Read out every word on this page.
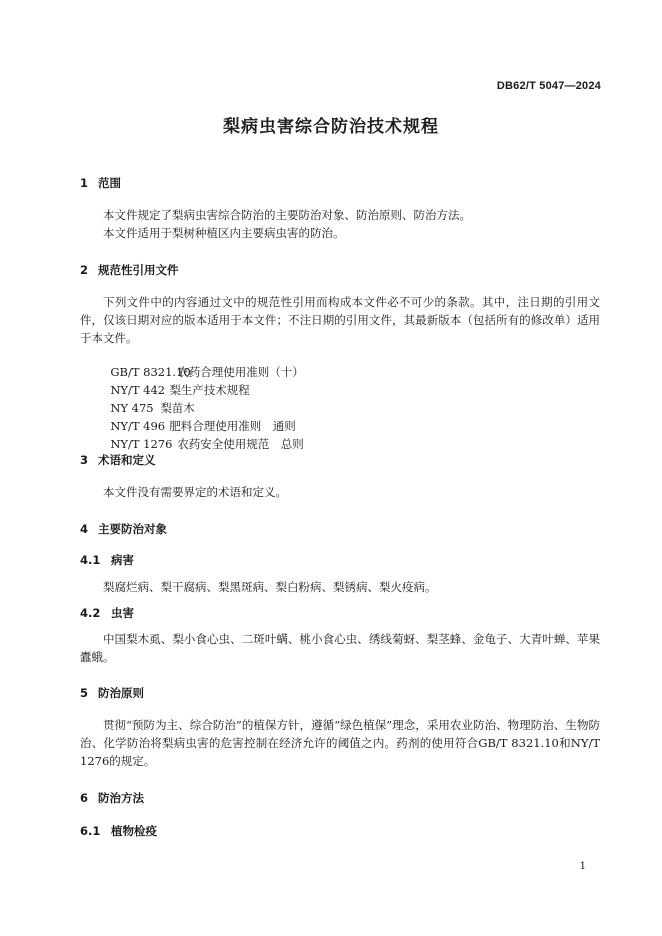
DB62/T 5047—2024
梨病虫害综合防治技术规程
1 范围
本文件规定了梨病虫害综合防治的主要防治对象、防治原则、防治方法。
本文件适用于梨树种植区内主要病虫害的防治。
2 规范性引用文件
下列文件中的内容通过文中的规范性引用而构成本文件必不可少的条款。其中，注日期的引用文件，仅该日期对应的版本适用于本文件；不注日期的引用文件，其最新版本（包括所有的修改单）适用于本文件。

GB/T 8321.10农药合理使用准则（十）

NY/T 442 梨生产技术规程

NY 475 梨苗木

NY/T 496 肥料合理使用准则　通则

NY/T 1276 农药安全使用规范　总则

3 术语和定义
本文件没有需要界定的术语和定义。
4 主要防治对象
4.1 病害
梨腐烂病、梨干腐病、梨黑斑病、梨白粉病、梨锈病、梨火疫病。
4.2 虫害
中国梨木虱、梨小食心虫、二斑叶螨、桃小食心虫、绣线菊蚜、梨茎蜂、金龟子、大青叶蝉、苹果蠹蛾。
5 防治原则
贯彻“预防为主、综合防治”的植保方针，遵循“绿色植保”理念，采用农业防治、物理防治、生物防治、化学防治将梨病虫害的危害控制在经济允许的阈值之内。药剂的使用符合GB/T 8321.10和NY/T 1276的规定。
6 防治方法
6.1 植物检疫
1
